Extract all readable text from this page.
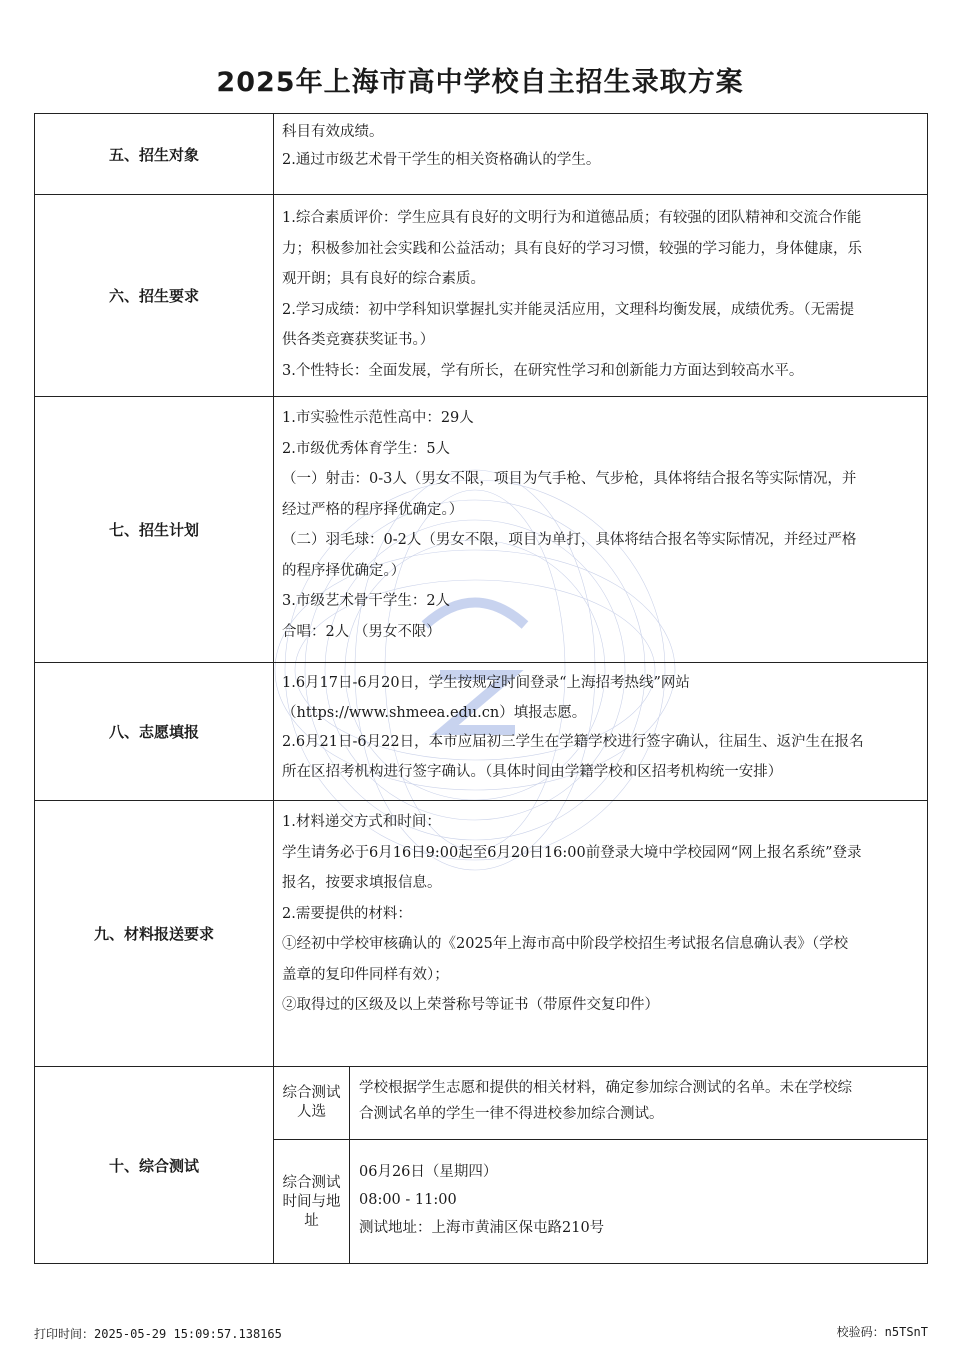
2025年上海市高中学校自主招生录取方案
五、招生对象

科目有效成绩。

2.通过市级艺术骨干学生的相关资格确认的学生。

六、招生要求

1.综合素质评价：学生应具有良好的文明行为和道德品质；有较强的团队精神和交流合作能

力；积极参加社会实践和公益活动；具有良好的学习习惯，较强的学习能力，身体健康，乐

观开朗；具有良好的综合素质。

2.学习成绩：初中学科知识掌握扎实并能灵活应用，文理科均衡发展，成绩优秀。（无需提

供各类竞赛获奖证书。）

3.个性特长：全面发展，学有所长，在研究性学习和创新能力方面达到较高水平。

七、招生计划

1.市实验性示范性高中：29人

2.市级优秀体育学生：5人

（一）射击：0-3人（男女不限，项目为气手枪、气步枪，具体将结合报名等实际情况，并

经过严格的程序择优确定。）

（二）羽毛球：0-2人（男女不限，项目为单打，具体将结合报名等实际情况，并经过严格

的程序择优确定。）

3.市级艺术骨干学生：2人

合唱：2人 （男女不限）

八、志愿填报

1.6月17日-6月20日，学生按规定时间登录“上海招考热线”网站

（https://www.shmeea.edu.cn）填报志愿。

2.6月21日-6月22日，本市应届初三学生在学籍学校进行签字确认，往届生、返沪生在报名

所在区招考机构进行签字确认。（具体时间由学籍学校和区招考机构统一安排）

九、材料报送要求

1.材料递交方式和时间：

学生请务必于6月16日9:00起至6月20日16:00前登录大境中学校园网“网上报名系统”登录

报名，按要求填报信息。

2.需要提供的材料：

①经初中学校审核确认的《2025年上海市高中阶段学校招生考试报名信息确认表》（学校

盖章的复印件同样有效）；

②取得过的区级及以上荣誉称号等证书（带原件交复印件）

十、综合测试
综合测试人选

学校根据学生志愿和提供的相关材料，确定参加综合测试的名单。未在学校综

合测试名单的学生一律不得进校参加综合测试。

综合测试时间与地址

06月26日（星期四）

08:00 - 11:00

测试地址：上海市黄浦区保屯路210号

打印时间：2025-05-29 15:09:57.138165	校验码：n5TSnT
